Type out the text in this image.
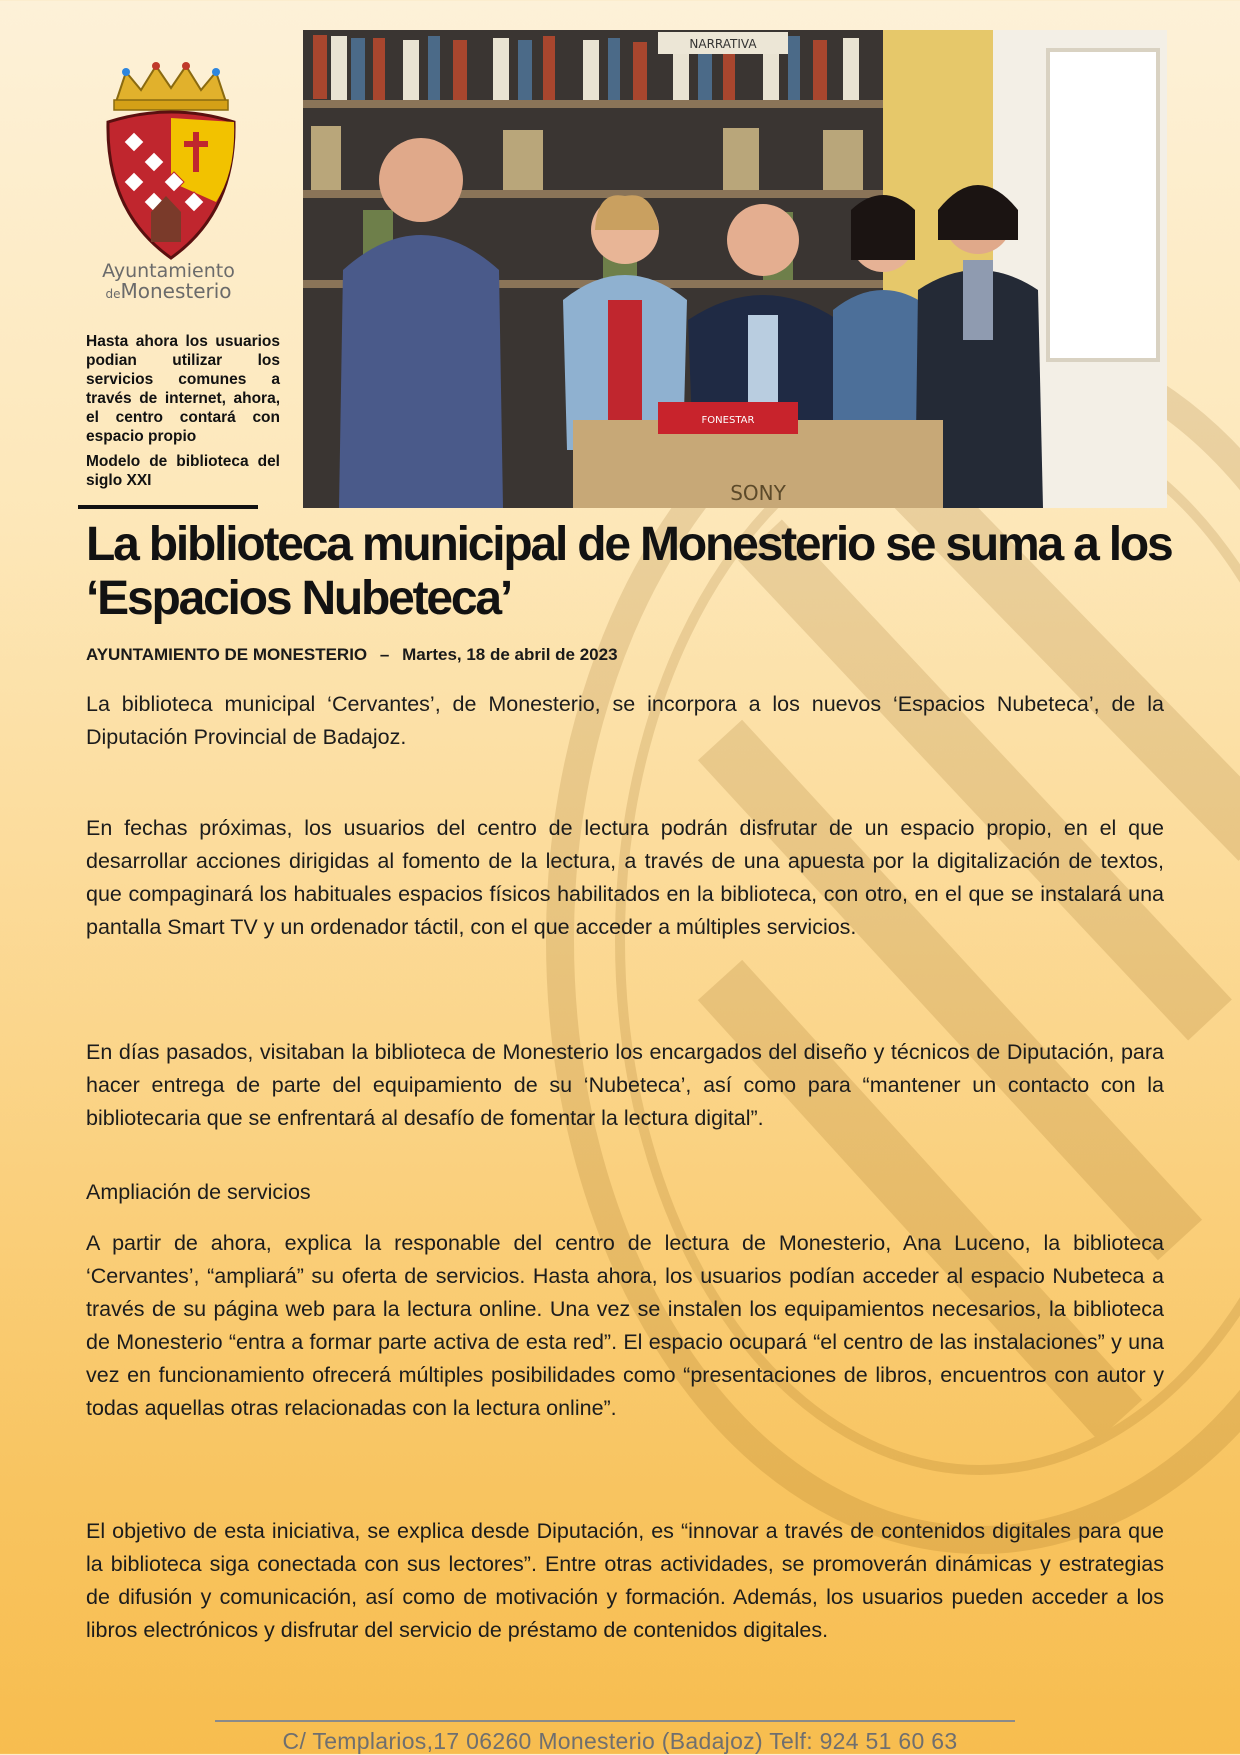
Ayuntamiento
deMonesterio

Hasta ahora los usuarios podian utilizar los servicios comunes a través de internet, ahora, el centro contará con espacio propio

Modelo de biblioteca del siglo XXI

NARRATIVA
SONY
FONESTAR
La biblioteca municipal de Monesterio se suma a los ‘Espacios Nubeteca’
AYUNTAMIENTO DE MONESTERIO – Martes, 18 de abril de 2023

La biblioteca municipal ‘Cervantes’, de Monesterio, se incorpora a los nuevos ‘Espacios Nubeteca’, de la Diputación Provincial de Badajoz.

En fechas próximas, los usuarios del centro de lectura podrán disfrutar de un espacio propio, en el que desarrollar acciones dirigidas al fomento de la lectura, a través de una apuesta por la digitalización de textos, que compaginará los habituales espacios físicos habilitados en la biblioteca, con otro, en el que se instalará una pantalla Smart TV y un ordenador táctil, con el que acceder a múltiples servicios.

En días pasados, visitaban la biblioteca de Monesterio los encargados del diseño y técnicos de Diputación, para hacer entrega de parte del equipamiento de su ‘Nubeteca’, así como para “mantener un contacto con la bibliotecaria que se enfrentará al desafío de fomentar la lectura digital”.

Ampliación de servicios

A partir de ahora, explica la responable del centro de lectura de Monesterio, Ana Luceno, la biblioteca ‘Cervantes’, “ampliará” su oferta de servicios. Hasta ahora, los usuarios podían acceder al espacio Nubeteca a través de su página web para la lectura online. Una vez se instalen los equipamientos necesarios, la biblioteca de Monesterio “entra a formar parte activa de esta red”. El espacio ocupará “el centro de las instalaciones” y una vez en funcionamiento ofrecerá múltiples posibilidades como “presentaciones de libros, encuentros con autor y todas aquellas otras relacionadas con la lectura online”.

El objetivo de esta iniciativa, se explica desde Diputación, es “innovar a través de contenidos digitales para que la biblioteca siga conectada con sus lectores”. Entre otras actividades, se promoverán dinámicas y estrategias de difusión y comunicación, así como de motivación y formación. Además, los usuarios pueden acceder a los libros electrónicos y disfrutar del servicio de préstamo de contenidos digitales.

C/ Templarios,17 06260 Monesterio (Badajoz) Telf: 924 51 60 63
